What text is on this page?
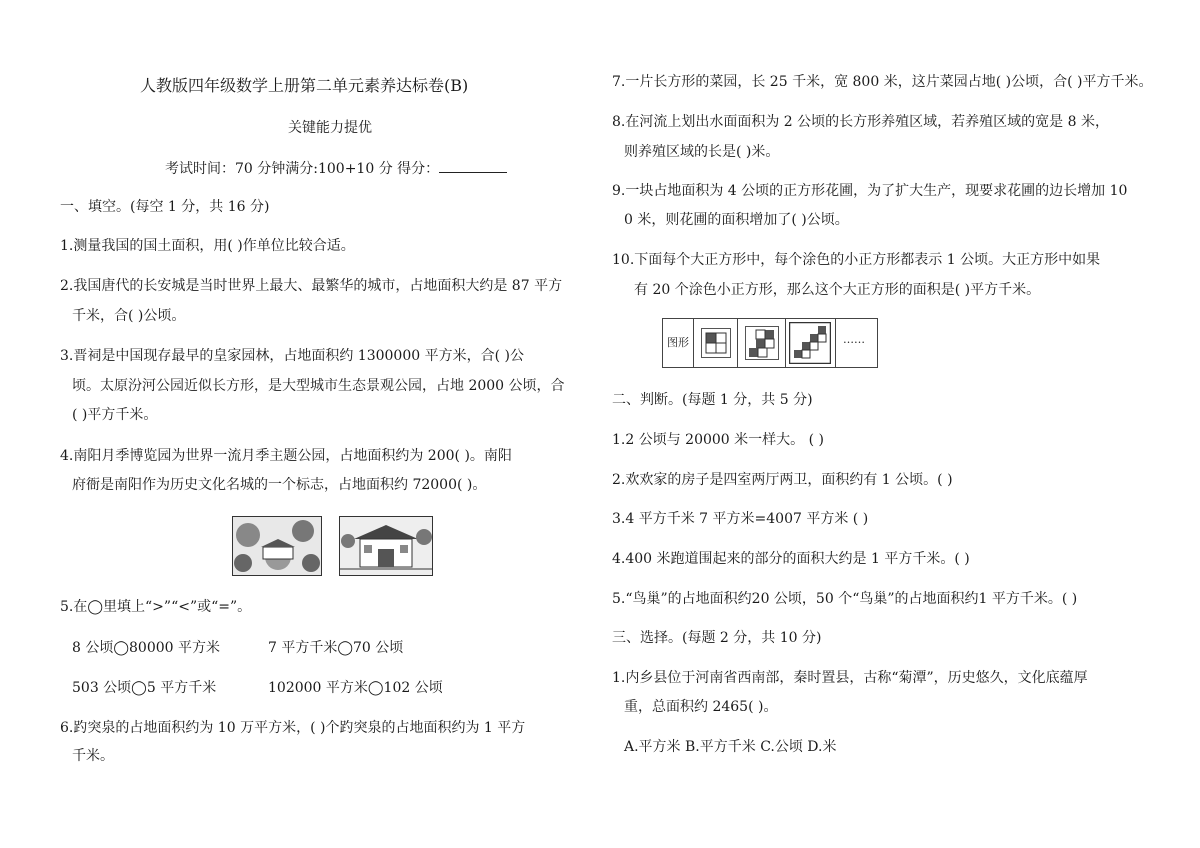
人教版四年级数学上册第二单元素养达标卷(B)
关键能力提优
考试时间：70 分钟满分:100+10 分 得分：
一、填空。(每空 1 分，共 16 分)
1.测量我国的国土面积，用( )作单位比较合适。
2.我国唐代的长安城是当时世界上最大、最繁华的城市，占地面积大约是 87 平方
千米，合( )公顷。
3.晋祠是中国现存最早的皇家园林，占地面积约 1300000 平方米，合( )公
顷。太原汾河公园近似长方形，是大型城市生态景观公园，占地 2000 公顷，合
( )平方千米。
4.南阳月季博览园为世界一流月季主题公园，占地面积约为 200( )。南阳
府衙是南阳作为历史文化名城的一个标志，占地面积约 72000( )。
5.在◯里填上“>”“<”或“=”。
8 公顷◯80000 平方米	7 平方千米◯70 公顷
503 公顷◯5 平方千米	102000 平方米◯102 公顷
6.趵突泉的占地面积约为 10 万平方米，( )个趵突泉的占地面积约为 1 平方
千米。
7.一片长方形的菜园，长 25 千米，宽 800 米，这片菜园占地( )公顷，合( )平方千米。
8.在河流上划出水面面积为 2 公顷的长方形养殖区域，若养殖区域的宽是 8 米，
则养殖区域的长是( )米。
9.一块占地面积为 4 公顷的正方形花圃，为了扩大生产，现要求花圃的边长增加 10
0 米，则花圃的面积增加了( )公顷。
10.下面每个大正方形中，每个涂色的小正方形都表示 1 公顷。大正方形中如果
有 20 个涂色小正方形，那么这个大正方形的面积是( )平方千米。
图形	……
二、判断。(每题 1 分，共 5 分)
1.2 公顷与 20000 米一样大。 ( )
2.欢欢家的房子是四室两厅两卫，面积约有 1 公顷。( )
3.4 平方千米 7 平方米=4007 平方米 ( )
4.400 米跑道围起来的部分的面积大约是 1 平方千米。( )
5.“鸟巢”的占地面积约20 公顷，50 个“鸟巢”的占地面积约1 平方千米。( )
三、选择。(每题 2 分，共 10 分)
1.内乡县位于河南省西南部，秦时置县，古称“菊潭”，历史悠久，文化底蕴厚
重，总面积约 2465( )。
A.平方米 B.平方千米 C.公顷 D.米
